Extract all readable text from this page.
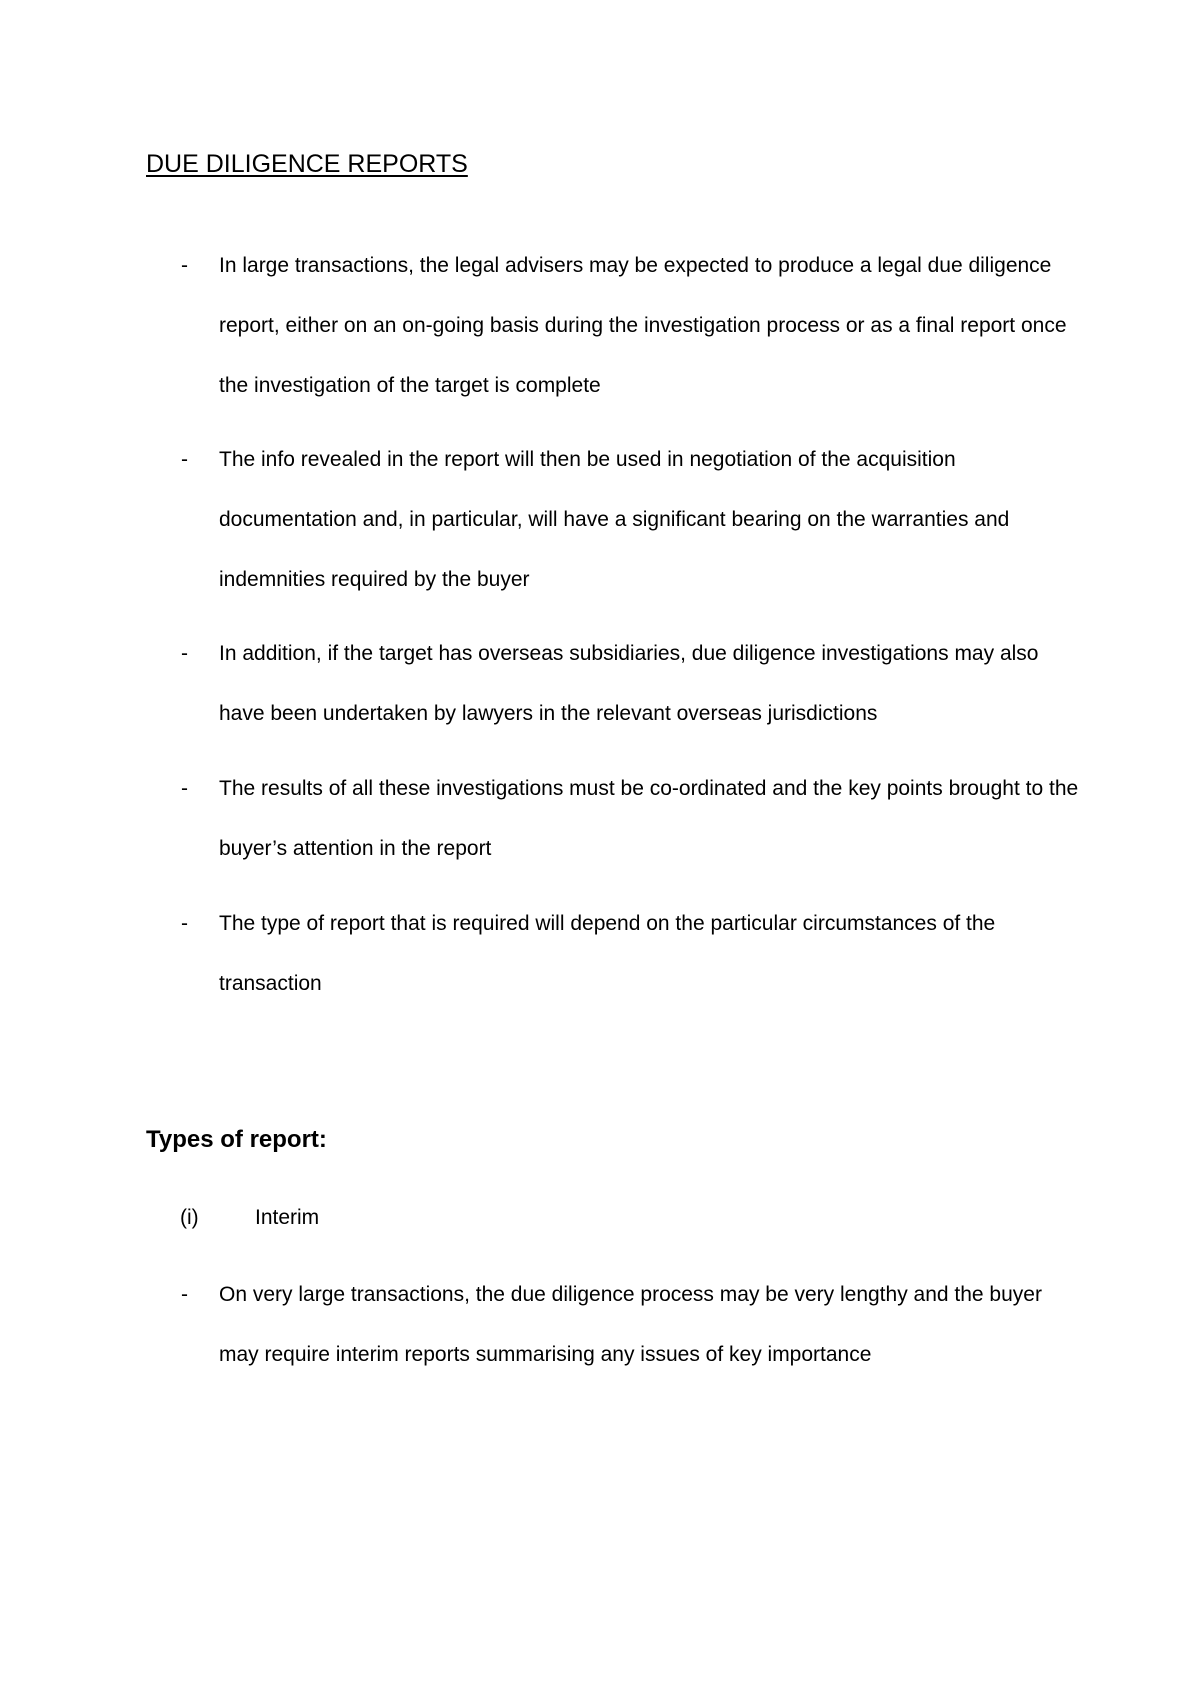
DUE DILIGENCE REPORTS
- In large transactions, the legal advisers may be expected to produce a legal due diligence report, either on an on-going basis during the investigation process or as a final report once the investigation of the target is complete
- The info revealed in the report will then be used in negotiation of the acquisition documentation and, in particular, will have a significant bearing on the warranties and indemnities required by the buyer
- In addition, if the target has overseas subsidiaries, due diligence investigations may also have been undertaken by lawyers in the relevant overseas jurisdictions
- The results of all these investigations must be co-ordinated and the key points brought to the buyer’s attention in the report
- The type of report that is required will depend on the particular circumstances of the transaction
Types of report:
(i)	Interim
- On very large transactions, the due diligence process may be very lengthy and the buyer may require interim reports summarising any issues of key importance
